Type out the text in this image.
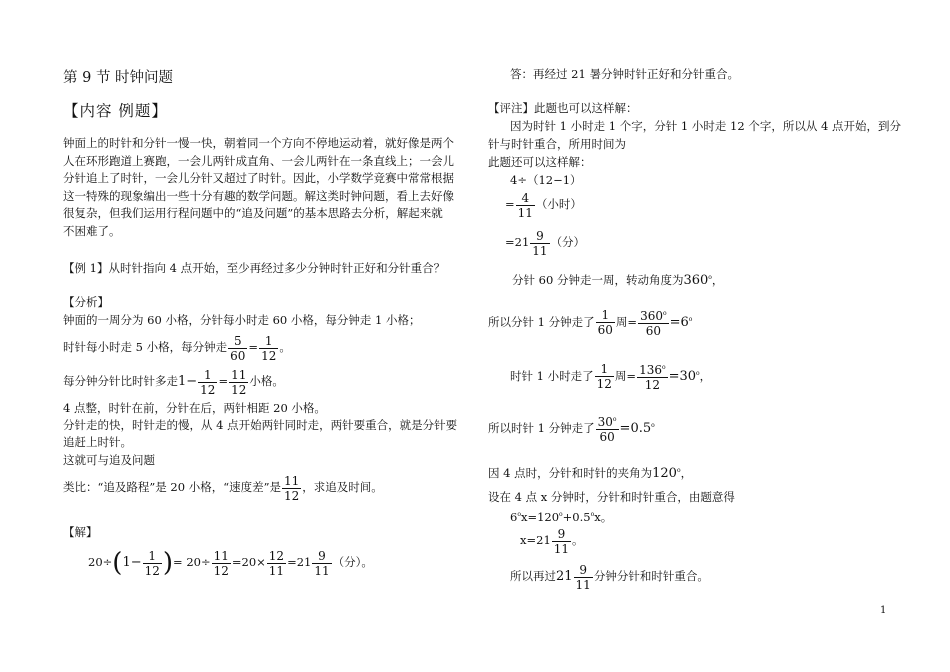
第 9 节 时钟问题
【内容 例题】
钟面上的时针和分针一慢一快，朝着同一个方向不停地运动着，就好像是两个
人在环形跑道上赛跑，一会儿两针成直角、一会儿两针在一条直线上；一会儿
分针追上了时针，一会儿分针又超过了时针。因此，小学数学竞赛中常常根据
这一特殊的现象编出一些十分有趣的数学问题。解这类时钟问题，看上去好像
很复杂，但我们运用行程问题中的“追及问题”的基本思路去分析，解起来就
不困难了。
【例 1】从时针指向 4 点开始，至少再经过多少分钟时针正好和分针重合？
【分析】
钟面的一周分为 60 小格，分针每小时走 60 小格，每分钟走 1 小格；
时针每小时走 5 小格，每分钟走 $\frac{5}{60} = \frac{1}{12}$ 。
每分钟分针比时针多走$1- \frac{1}{12} = \frac{11}{12}$ 小格。
4 点整，时针在前，分针在后，两针相距 20 小格。
分针走的快，时针走的慢，从 4 点开始两针同时走，两针要重合，就是分针要
追赶上时针。
这就可与追及问题
类比：“追及路程”是 20 小格，“速度差”是 $\frac{11}{12}$ ，求追及时间。
【解】
$20\div(1- \frac{1}{12}$ )= $20\div \frac{11}{12} =20\times \frac{12}{11} =21 \frac{9}{11}$ （分）。
答：再经过 21 暑分钟时针正好和分针重合。
【评注】此题也可以这样解：
因为时针 1 小时走 1 个字，分针 1 小时走 12 个字，所以从 4 点开始，到分
针与时针重合，所用时间为
此题还可以这样解：
4÷（12−1）
= $\frac{4}{11}$ （小时）
$=21 \frac{9}{11}$ （分）
分针 60 分钟走一周，转动角度为360$^o$，
所以分针 1 分钟走了 $\frac{1}{60}$ 周= $\frac{360^o}{60} =6^o$
时针 1 小时走了 $\frac{1}{12}$ 周= $\frac{136^o}{12} =30^o$，
所以时针 1 分钟走了 $\frac{30^o}{60} =0.5^o$
因 4 点时，分针和时针的夹角为120$^o$，
设在 4 点 x 分钟时，分针和时针重合，由题意得
$6^ox=120^o+0.5^ox$。
$x=21 \frac{9}{11}$ 。
所以再过$21 \frac{9}{11}$ 分钟分针和时针重合。
1
